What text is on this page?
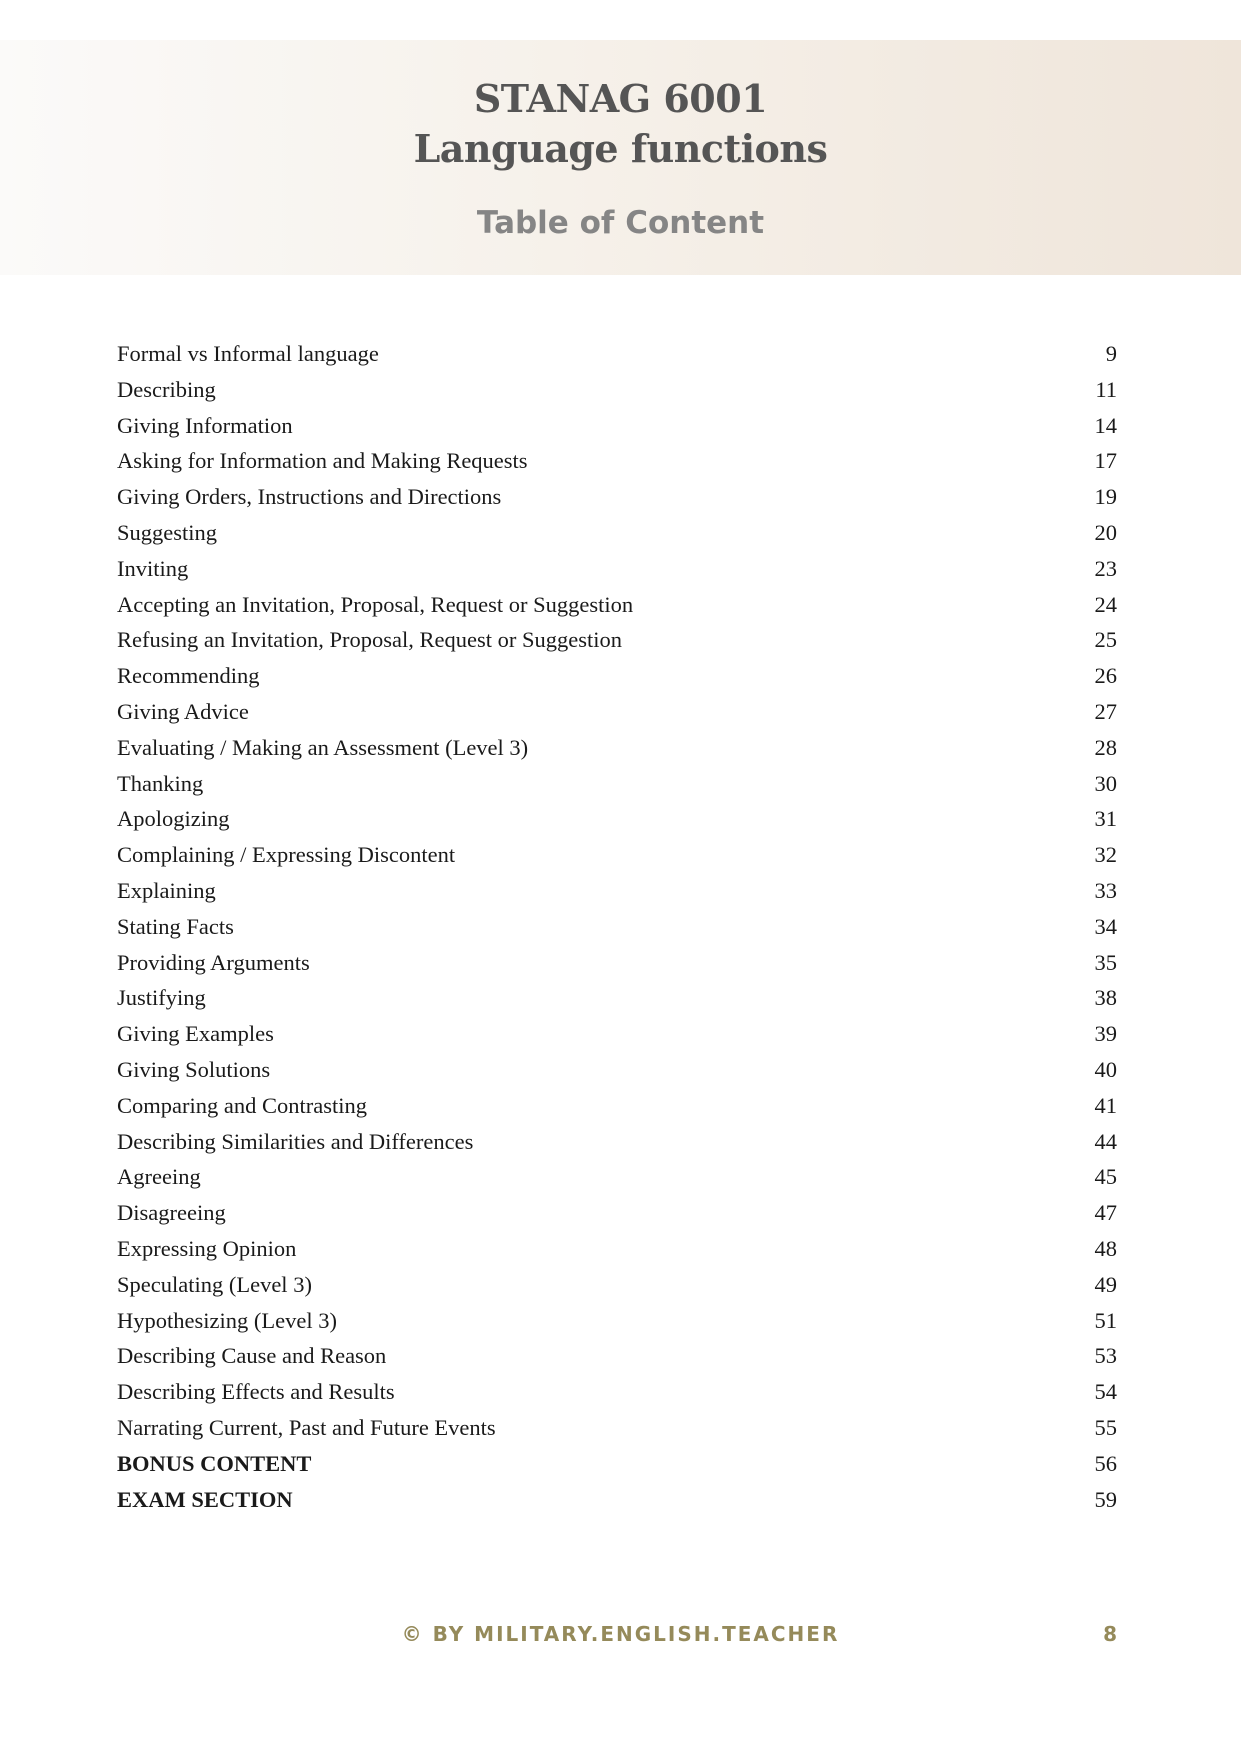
STANAG 6001
Language functions
Table of Content
Formal vs Informal language	9
Describing	11
Giving Information	14
Asking for Information and Making Requests	17
Giving Orders, Instructions and Directions	19
Suggesting	20
Inviting	23
Accepting an Invitation, Proposal, Request or Suggestion	24
Refusing an Invitation, Proposal, Request or Suggestion	25
Recommending	26
Giving Advice	27
Evaluating / Making an Assessment (Level 3)	28
Thanking	30
Apologizing	31
Complaining / Expressing Discontent	32
Explaining	33
Stating Facts	34
Providing Arguments	35
Justifying	38
Giving Examples	39
Giving Solutions	40
Comparing and Contrasting	41
Describing Similarities and Differences	44
Agreeing	45
Disagreeing	47
Expressing Opinion	48
Speculating (Level 3)	49
Hypothesizing (Level 3)	51
Describing Cause and Reason	53
Describing Effects and Results	54
Narrating Current, Past and Future Events	55
BONUS CONTENT	56
EXAM SECTION	59
© BY MILITARY.ENGLISH.TEACHER	8
